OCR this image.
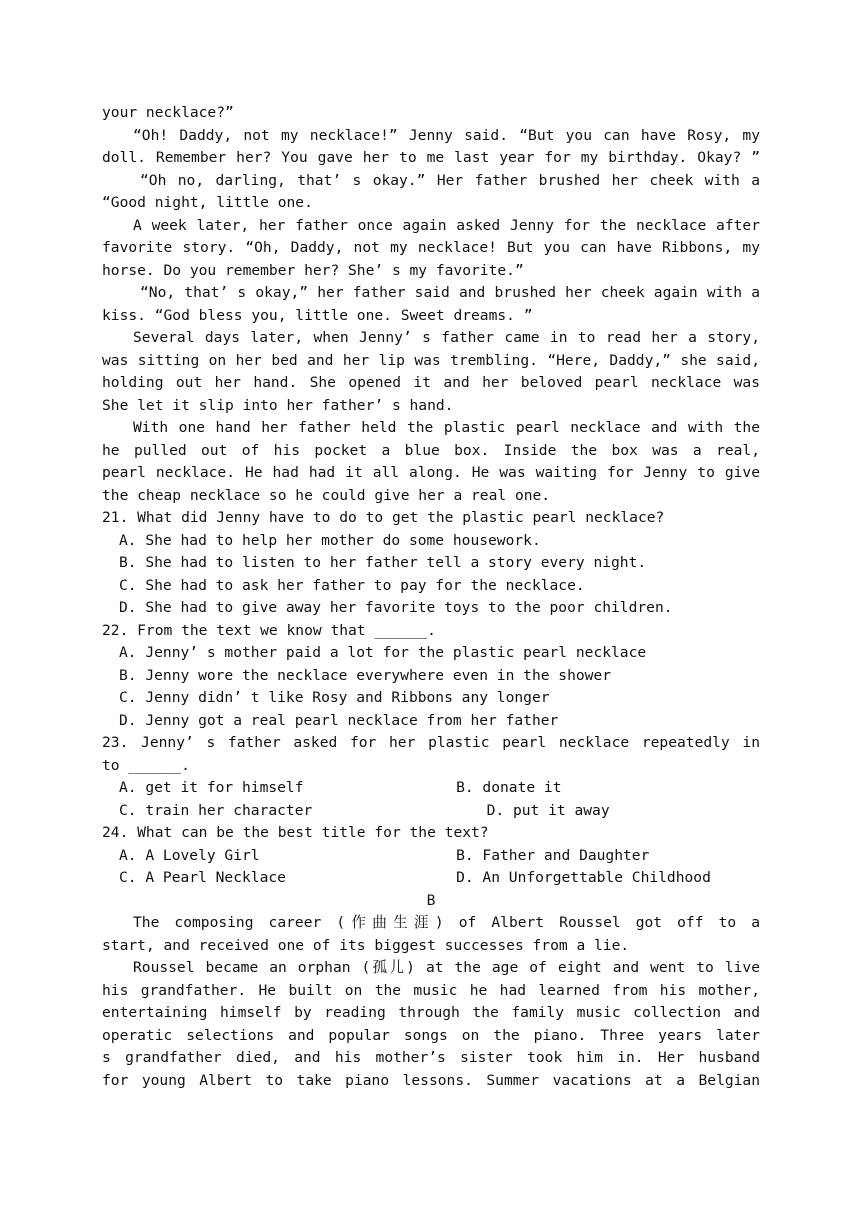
your necklace?”
“Oh! Daddy, not my necklace!” Jenny said. “But you can have Rosy, my
doll. Remember her? You gave her to me last year for my birthday. Okay? ”
“Oh no, darling, that’ s okay.” Her father brushed her cheek with a
“Good night, little one.
A week later, her father once again asked Jenny for the necklace after
favorite story. “Oh, Daddy, not my necklace! But you can have Ribbons, my
horse. Do you remember her? She’ s my favorite.”
“No, that’ s okay,” her father said and brushed her cheek again with a
kiss. “God bless you, little one. Sweet dreams. ”
Several days later, when Jenny’ s father came in to read her a story,
was sitting on her bed and her lip was trembling. “Here, Daddy,” she said,
holding out her hand. She opened it and her beloved pearl necklace was
She let it slip into her father’ s hand.
With one hand her father held the plastic pearl necklace and with the
he pulled out of his pocket a blue box. Inside the box was a real,
pearl necklace. He had had it all along. He was waiting for Jenny to give
the cheap necklace so he could give her a real one.
21. What did Jenny have to do to get the plastic pearl necklace?
A. She had to help her mother do some housework.
B. She had to listen to her father tell a story every night.
C. She had to ask her father to pay for the necklace.
D. She had to give away her favorite toys to the poor children.
22. From the text we know that ______.
A. Jenny’ s mother paid a lot for the plastic pearl necklace
B. Jenny wore the necklace everywhere even in the shower
C. Jenny didn’ t like Rosy and Ribbons any longer
D. Jenny got a real pearl necklace from her father
23. Jenny’ s father asked for her plastic pearl necklace repeatedly in
to ______.
A. get it for himself	B. donate it
C. train her character	D. put it away
24. What can be the best title for the text?
A. A Lovely Girl	B. Father and Daughter
C. A Pearl Necklace	D. An Unforgettable Childhood
B
The composing career (作曲生涯) of Albert Roussel got off to a
start, and received one of its biggest successes from a lie.
Roussel became an orphan (孤儿) at the age of eight and went to live
his grandfather. He built on the music he had learned from his mother,
entertaining himself by reading through the family music collection and
operatic selections and popular songs on the piano. Three years later
s grandfather died, and his mother’s sister took him in. Her husband
for young Albert to take piano lessons. Summer vacations at a Belgian
